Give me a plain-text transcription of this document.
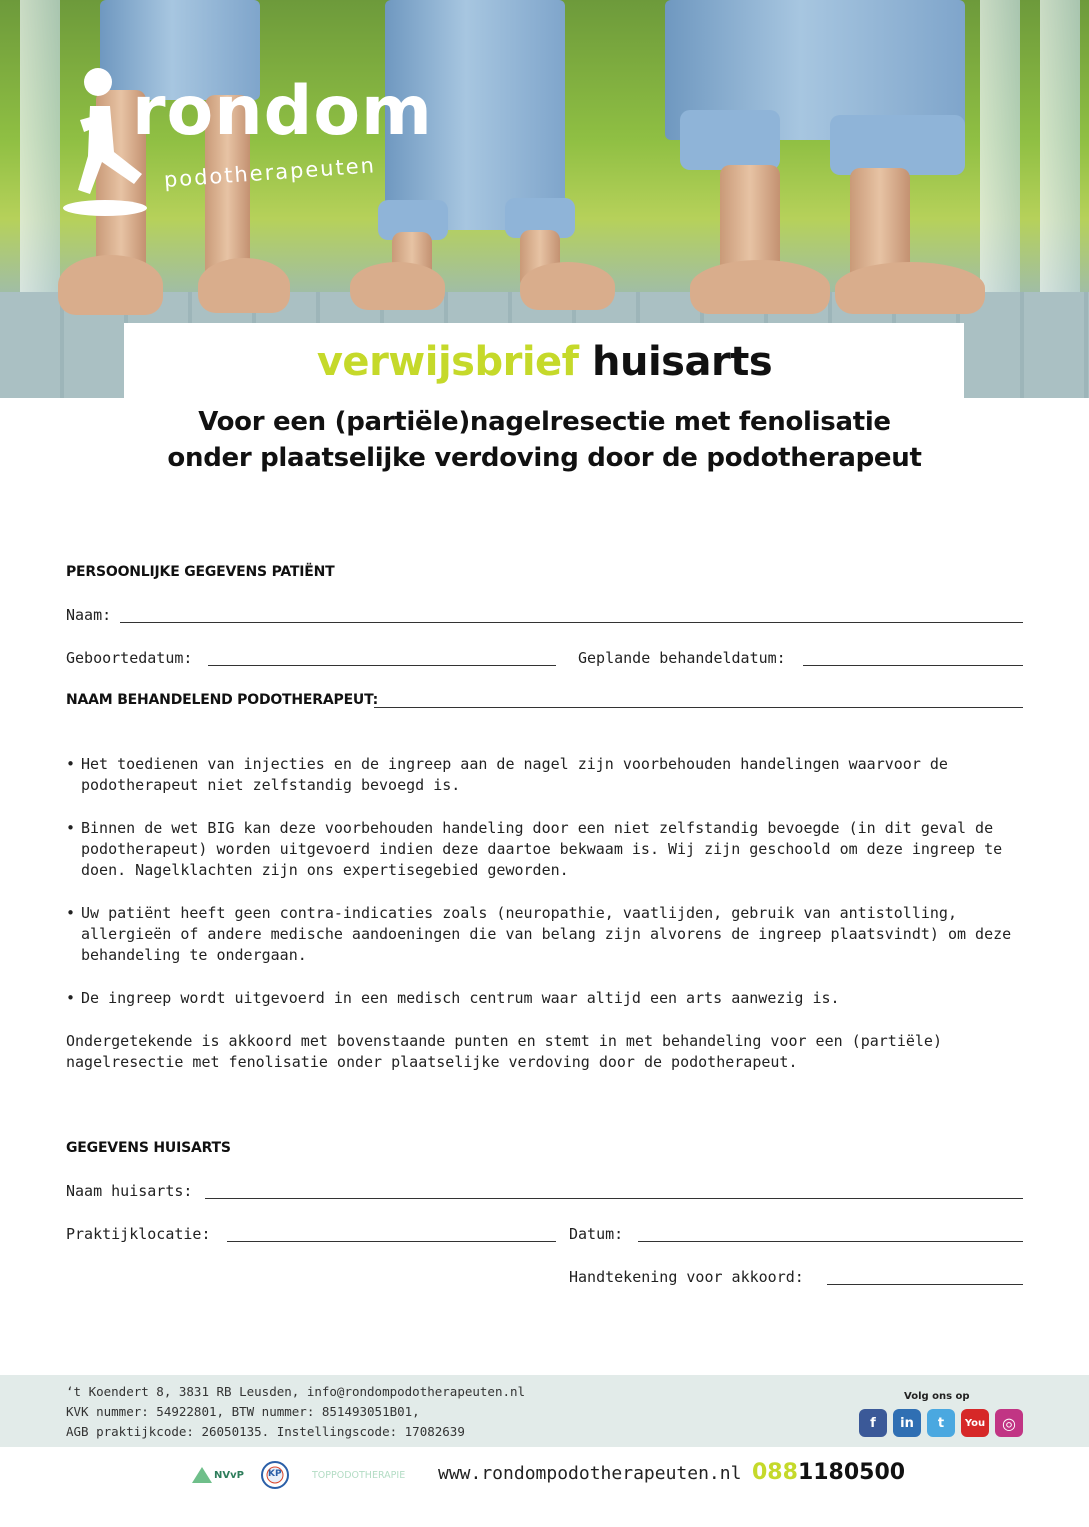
rondom
podotherapeuten
verwijsbrief huisarts
Voor een (partiële)nagelresectie met fenolisatie
onder plaatselijke verdoving door de podotherapeut
PERSOONLIJKE GEGEVENS PATIËNT
Naam:
Geboortedatum:	Geplande behandeldatum:
NAAM BEHANDELEND PODOTHERAPEUT:
• Het toedienen van injecties en de ingreep aan de nagel zijn voorbehouden handelingen waarvoor de podotherapeut niet zelfstandig bevoegd is.
• Binnen de wet BIG kan deze voorbehouden handeling door een niet zelfstandig bevoegde (in dit geval de podotherapeut) worden uitgevoerd indien deze daartoe bekwaam is. Wij zijn geschoold om deze ingreep te doen. Nagelklachten zijn ons expertisegebied geworden.
• Uw patiënt heeft geen contra-indicaties zoals (neuropathie, vaatlijden, gebruik van antistolling, allergieën of andere medische aandoeningen die van belang zijn alvorens de ingreep plaatsvindt) om deze behandeling te ondergaan.
• De ingreep wordt uitgevoerd in een medisch centrum waar altijd een arts aanwezig is.
Ondergetekende is akkoord met bovenstaande punten en stemt in met behandeling voor een (partiële) nagelresectie met fenolisatie onder plaatselijke verdoving door de podotherapeut.
GEGEVENS HUISARTS
Naam huisarts:
Praktijklocatie:	Datum:
Handtekening voor akkoord:
‘t Koendert 8, 3831 RB Leusden, info@rondompodotherapeuten.nl
KVK nummer: 54922801, BTW nummer: 851493051B01,
AGB praktijkcode: 26050135. Instellingscode: 17082639
Volg ons op
f	in	t	You	◎
NVvP	KP	TOPPODOTHERAPIE www.rondompodotherapeuten.nl 0881180500
